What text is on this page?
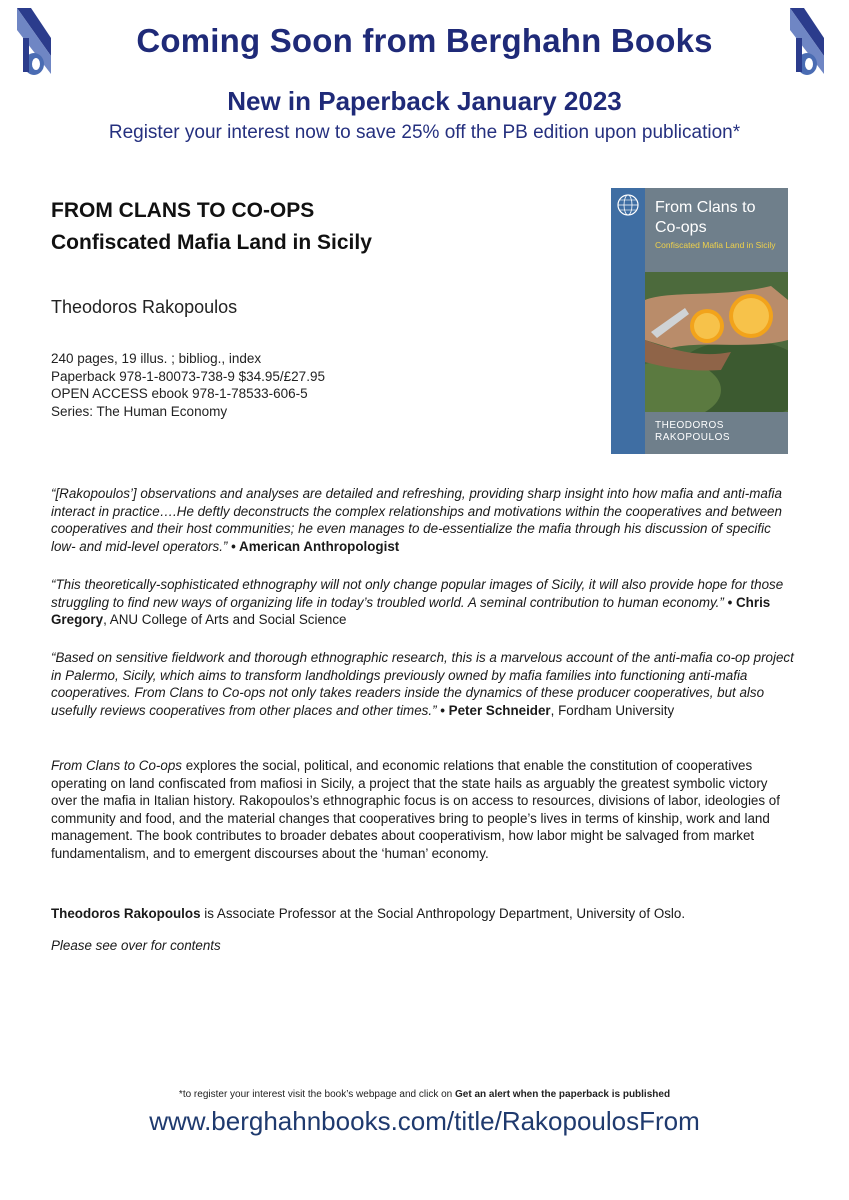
Coming Soon from Berghahn Books
New in Paperback January 2023
Register your interest now to save 25% off the PB edition upon publication*
FROM CLANS TO CO-OPS
Confiscated Mafia Land in Sicily
Theodoros Rakopoulos
240 pages, 19 illus. ; bibliog., index
Paperback 978-1-80073-738-9 $34.95/£27.95
OPEN ACCESS ebook 978-1-78533-606-5
Series: The Human Economy
From Clans to Co-ops
Confiscated Mafia Land in Sicily
THEODOROS
RAKOPOULOS
“[Rakopoulos’] observations and analyses are detailed and refreshing, providing sharp insight into how mafia and anti-mafia interact in practice….He deftly deconstructs the complex relationships and motivations within the cooperatives and between cooperatives and their host communities; he even manages to de-essentialize the mafia through his discussion of specific low- and mid-level operators.” • American Anthropologist
“This theoretically-sophisticated ethnography will not only change popular images of Sicily, it will also provide hope for those struggling to find new ways of organizing life in today’s troubled world. A seminal contribution to human economy.” • Chris Gregory, ANU College of Arts and Social Science
“Based on sensitive fieldwork and thorough ethnographic research, this is a marvelous account of the anti-mafia co-op project in Palermo, Sicily, which aims to transform landholdings previously owned by mafia families into functioning anti-mafia cooperatives. From Clans to Co-ops not only takes readers inside the dynamics of these producer cooperatives, but also usefully reviews cooperatives from other places and other times.” • Peter Schneider, Fordham University
From Clans to Co-ops explores the social, political, and economic relations that enable the constitution of cooperatives operating on land confiscated from mafiosi in Sicily, a project that the state hails as arguably the greatest symbolic victory over the mafia in Italian history. Rakopoulos’s ethnographic focus is on access to resources, divisions of labor, ideologies of community and food, and the material changes that cooperatives bring to people’s lives in terms of kinship, work and land management. The book contributes to broader debates about cooperativism, how labor might be salvaged from market fundamentalism, and to emergent discourses about the ‘human’ economy.
Theodoros Rakopoulos is Associate Professor at the Social Anthropology Department, University of Oslo.
Please see over for contents
*to register your interest visit the book’s webpage and click on Get an alert when the paperback is published
www.berghahnbooks.com/title/RakopoulosFrom
